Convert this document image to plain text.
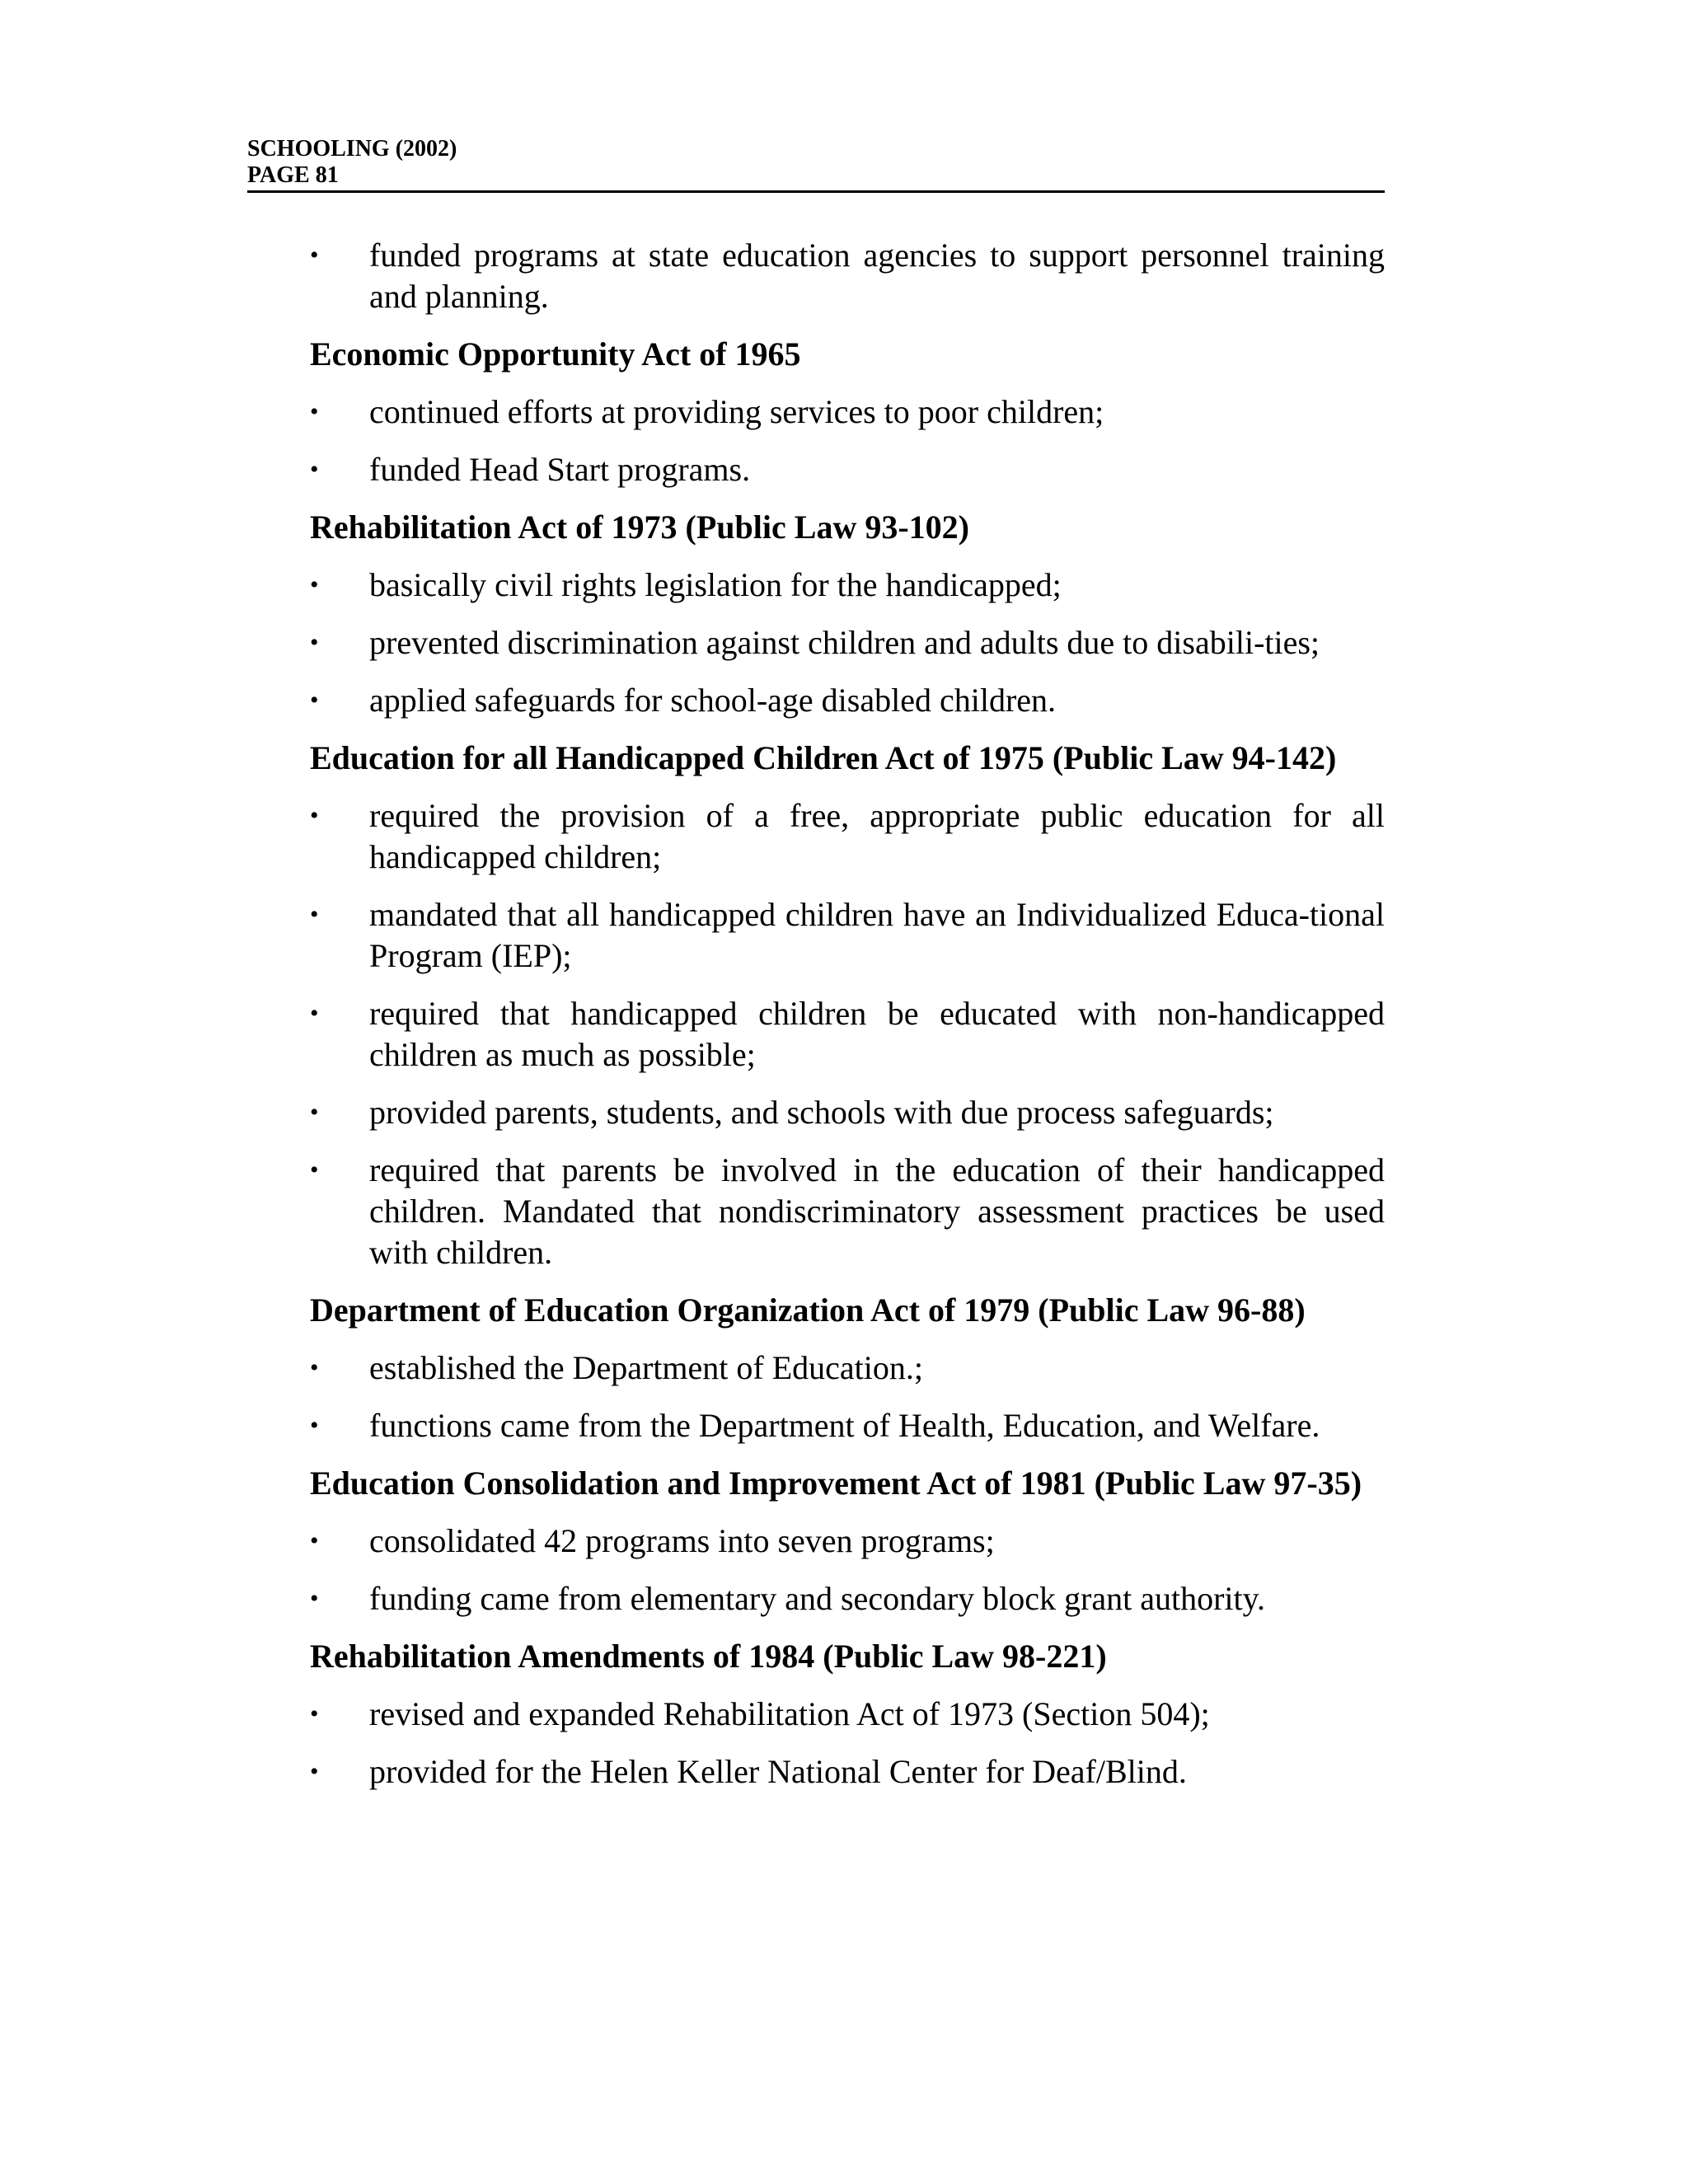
SCHOOLING (2002)
PAGE 81
•	funded programs at state education agencies to support personnel training and planning.
Economic Opportunity Act of 1965
•	continued efforts at providing services to poor children;
•	funded Head Start programs.
Rehabilitation Act of 1973 (Public Law 93-102)
•	basically civil rights legislation for the handicapped;
•	prevented discrimination against children and adults due to disabili-ties;
•	applied safeguards for school-age disabled children.
Education for all Handicapped Children Act of 1975 (Public Law 94-142)
•	required the provision of a free, appropriate public education for all handicapped children;
•	mandated that all handicapped children have an Individualized Educa-tional Program (IEP);
•	required that handicapped children be educated with non-handicapped children as much as possible;
•	provided parents, students, and schools with due process safeguards;
•	required that parents be involved in the education of their handicapped children. Mandated that nondiscriminatory assessment practices be used with children.
Department of Education Organization Act of 1979 (Public Law 96-88)
•	established the Department of Education.;
•	functions came from the Department of Health, Education, and Welfare.
Education Consolidation and Improvement Act of 1981 (Public Law 97-35)
•	consolidated 42 programs into seven programs;
•	funding came from elementary and secondary block grant authority.
Rehabilitation Amendments of 1984 (Public Law 98-221)
•	revised and expanded Rehabilitation Act of 1973 (Section 504);
•	provided for the Helen Keller National Center for Deaf/Blind.
